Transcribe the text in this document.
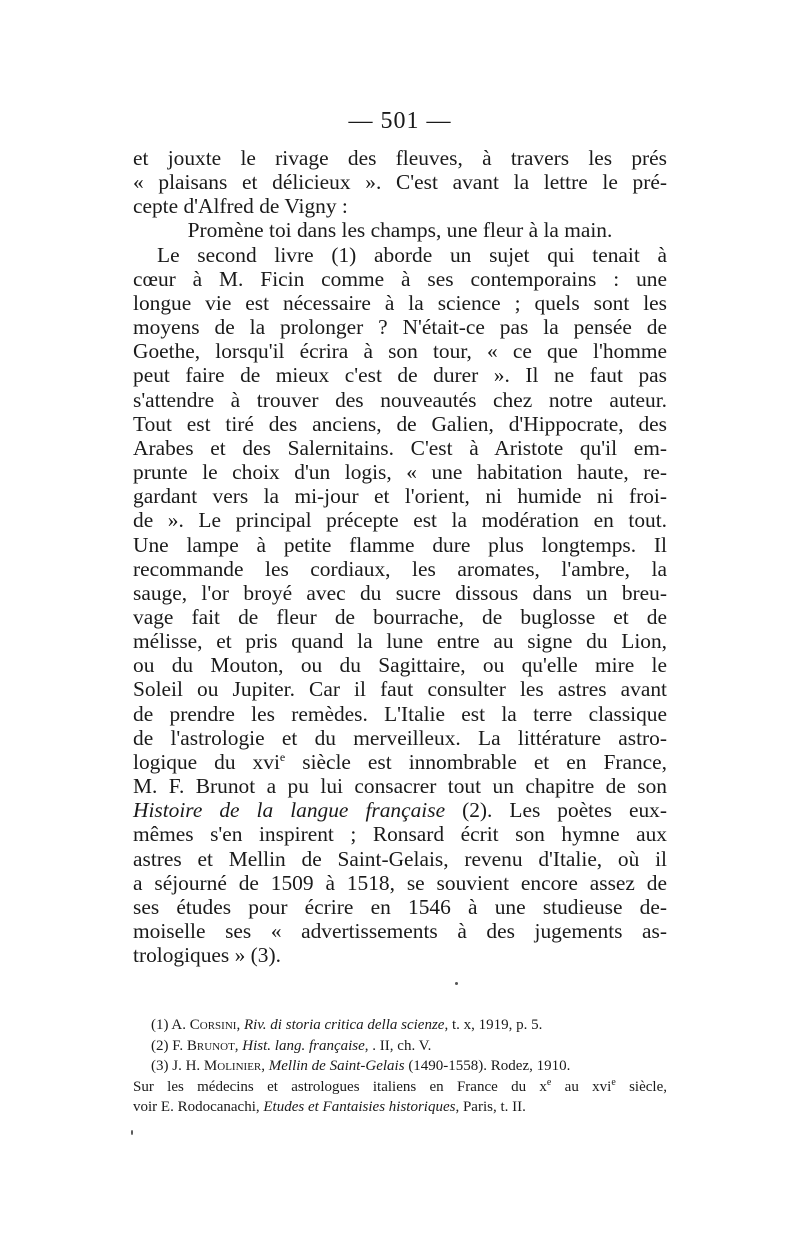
— 501 —
et jouxte le rivage des fleuves, à travers les prés
« plaisans et délicieux ». C'est avant la lettre le pré-
cepte d'Alfred de Vigny :
Promène toi dans les champs, une fleur à la main.
Le second livre (1) aborde un sujet qui tenait à
cœur à M. Ficin comme à ses contemporains : une
longue vie est nécessaire à la science ; quels sont les
moyens de la prolonger ? N'était-ce pas la pensée de
Goethe, lorsqu'il écrira à son tour, « ce que l'homme
peut faire de mieux c'est de durer ». Il ne faut pas
s'attendre à trouver des nouveautés chez notre auteur.
Tout est tiré des anciens, de Galien, d'Hippocrate, des
Arabes et des Salernitains. C'est à Aristote qu'il em-
prunte le choix d'un logis, « une habitation haute, re-
gardant vers la mi-jour et l'orient, ni humide ni froi-
de ». Le principal précepte est la modération en tout.
Une lampe à petite flamme dure plus longtemps. Il
recommande les cordiaux, les aromates, l'ambre, la
sauge, l'or broyé avec du sucre dissous dans un breu-
vage fait de fleur de bourrache, de buglosse et de
mélisse, et pris quand la lune entre au signe du Lion,
ou du Mouton, ou du Sagittaire, ou qu'elle mire le
Soleil ou Jupiter. Car il faut consulter les astres avant
de prendre les remèdes. L'Italie est la terre classique
de l'astrologie et du merveilleux. La littérature astro-
logique du xvi$^e$ siècle est innombrable et en France,
M. F. Brunot a pu lui consacrer tout un chapitre de son
Histoire de la langue française (2). Les poètes eux-
mêmes s'en inspirent ; Ronsard écrit son hymne aux
astres et Mellin de Saint-Gelais, revenu d'Italie, où il
a séjourné de 1509 à 1518, se souvient encore assez de
ses études pour écrire en 1546 à une studieuse de-
moiselle ses « advertissements à des jugements as-
trologiques » (3).
(1) A. Corsini, Riv. di storia critica della scienze, t. x, 1919, p. 5.
(2) F. Brunot, Hist. lang. française, . II, ch. V.
(3) J. H. Molinier, Mellin de Saint-Gelais (1490-1558). Rodez, 1910.
Sur les médecins et astrologues italiens en France du $x^e$ au xvi$^e$ siècle,
voir E. Rodocanachi, Etudes et Fantaisies historiques, Paris, t. II.
